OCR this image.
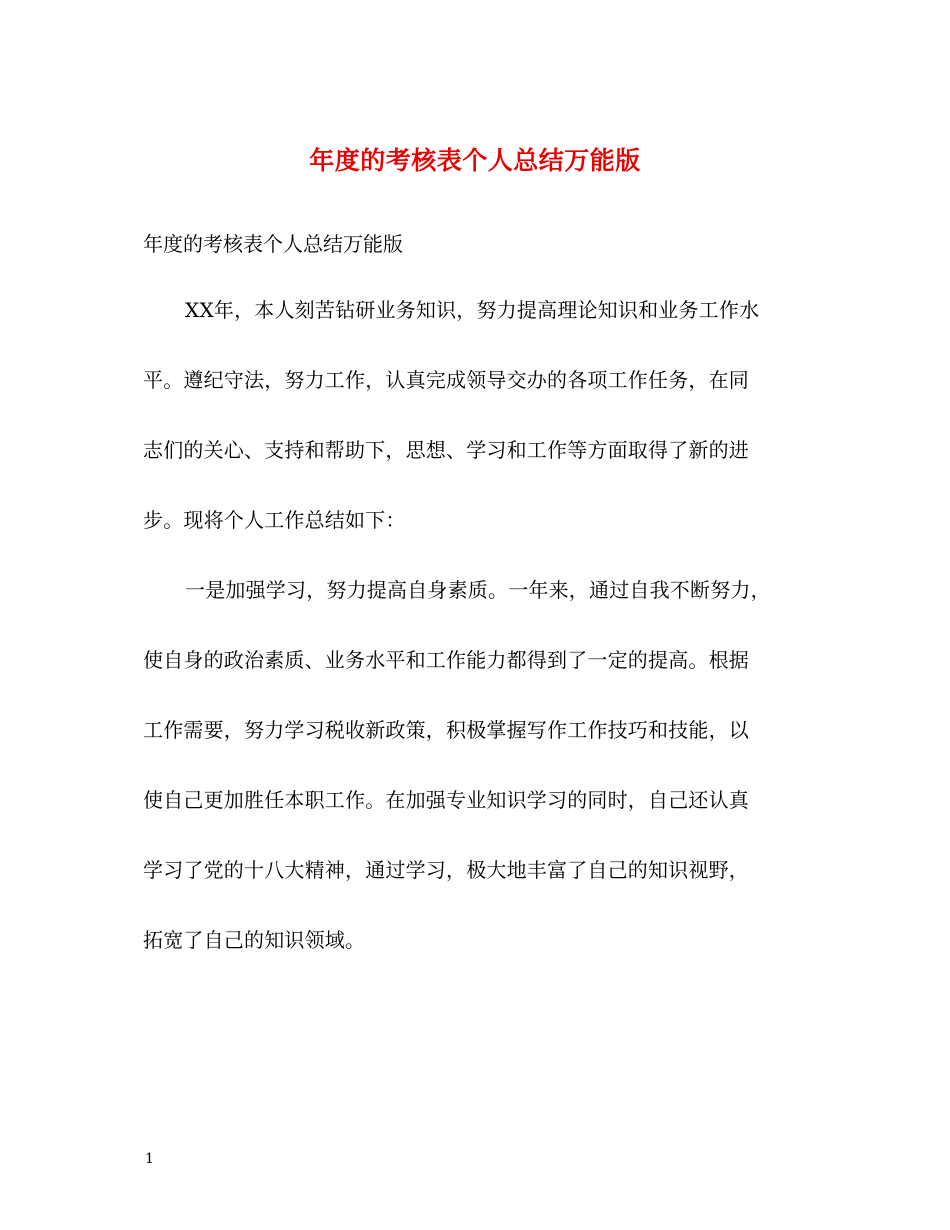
年度的考核表个人总结万能版
年度的考核表个人总结万能版
XX年，本人刻苦钻研业务知识，努力提高理论知识和业务工作水
平。遵纪守法，努力工作，认真完成领导交办的各项工作任务，在同
志们的关心、支持和帮助下，思想、学习和工作等方面取得了新的进
步。现将个人工作总结如下：
一是加强学习，努力提高自身素质。一年来，通过自我不断努力，
使自身的政治素质、业务水平和工作能力都得到了一定的提高。根据
工作需要，努力学习税收新政策，积极掌握写作工作技巧和技能，以
使自己更加胜任本职工作。在加强专业知识学习的同时，自己还认真
学习了党的十八大精神，通过学习，极大地丰富了自己的知识视野，
拓宽了自己的知识领域。
1
